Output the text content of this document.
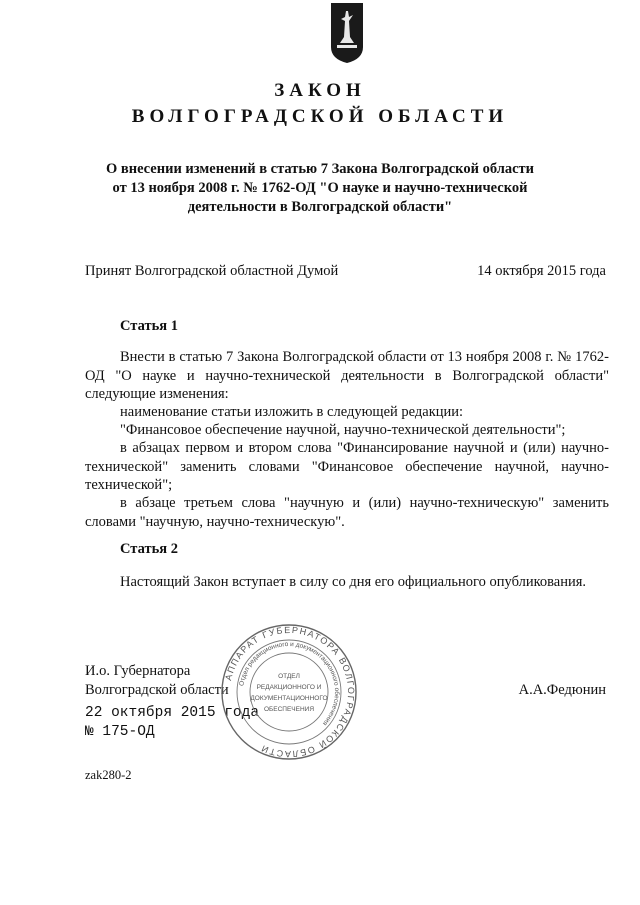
ЗАКОН
ВОЛГОГРАДСКОЙ ОБЛАСТИ
О внесении изменений в статью 7 Закона Волгоградской области
от 13 ноября 2008 г. № 1762-ОД "О науке и научно-технической
деятельности в Волгоградской области"
Принят Волгоградской областной Думой	14 октября 2015 года
Статья 1
Внести в статью 7 Закона Волгоградской области от 13 ноября 2008 г. № 1762-ОД "О науке и научно-технической деятельности в Волгоградской области" следующие изменения:
наименование статьи изложить в следующей редакции:
"Финансовое обеспечение научной, научно-технической деятельности";
в абзацах первом и втором слова "Финансирование научной и (или) научно-технической" заменить словами "Финансовое обеспечение научной, научно-технической";
в абзаце третьем слова "научную и (или) научно-техническую" заменить словами "научную, научно-техническую".
Статья 2
Настоящий Закон вступает в силу со дня его официального опубликования.
И.о. Губернатора
Волгоградской области	А.А.Федюнин
22 октября 2015 года
№ 175-ОД
АППАРАТ ГУБЕРНАТОРА ВОЛГОГРАДСКОЙ ОБЛАСТИ
Отдел редакционного и документационного обеспечения
ОТДЕЛ
РЕДАКЦИОННОГО И
ДОКУМЕНТАЦИОННОГО
ОБЕСПЕЧЕНИЯ
zak280-2
